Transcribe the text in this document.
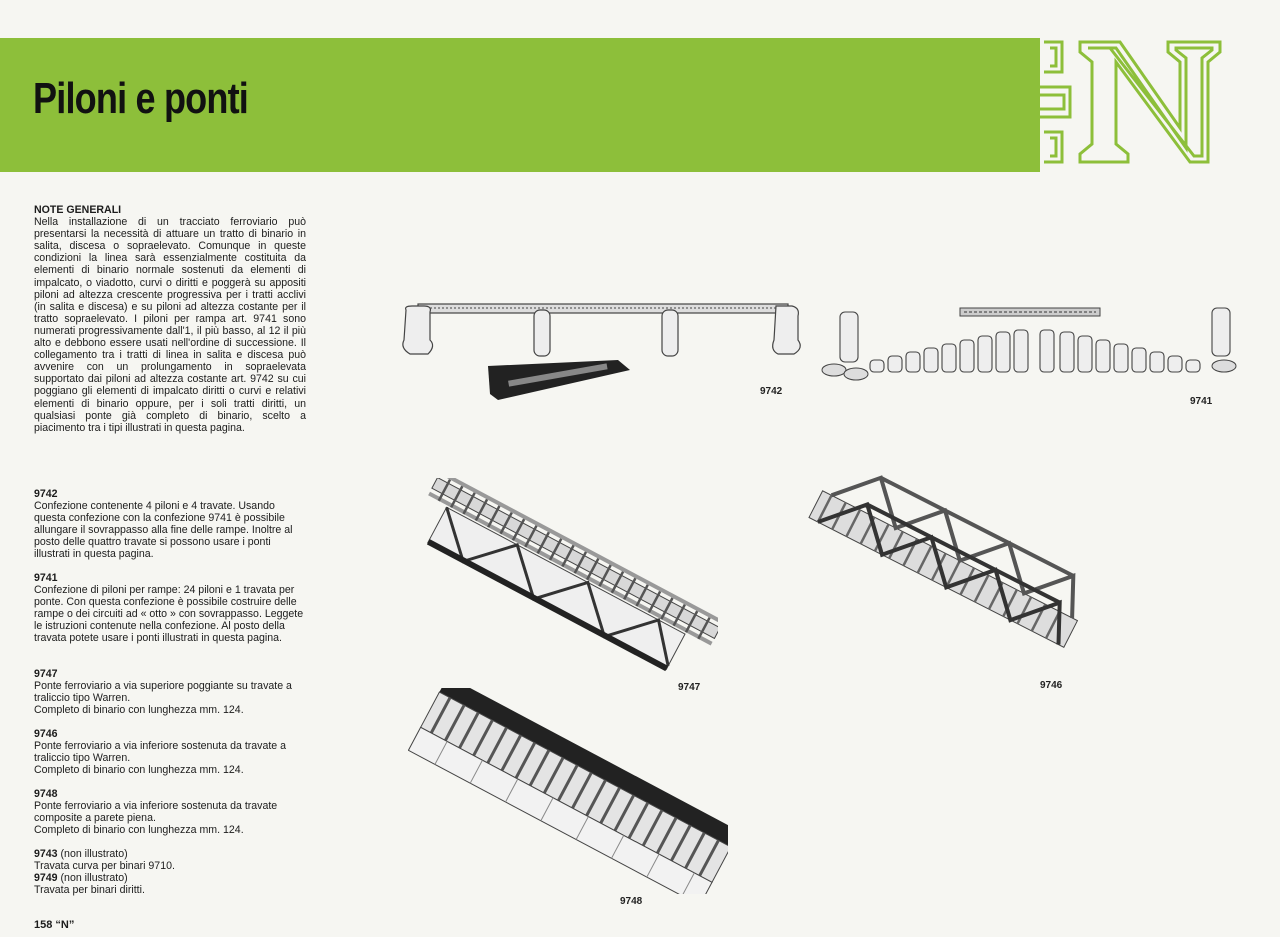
Piloni e ponti

NOTE GENERALI

Nella installazione di un tracciato ferroviario può presentarsi la necessità di attuare un tratto di binario in salita, discesa o sopraelevato. Comunque in queste condizioni la linea sarà essenzialmente costituita da elementi di binario normale sostenuti da elementi di impalcato, o viadotto, curvi o diritti e poggerà su appositi piloni ad altezza crescente progressiva per i tratti acclivi (in salita e discesa) e su piloni ad altezza costante per il tratto sopraelevato. I piloni per rampa art. 9741 sono numerati progressivamente dall'1, il più basso, al 12 il più alto e debbono essere usati nell'ordine di successione. Il collegamento tra i tratti di linea in salita e discesa può avvenire con un prolungamento in sopraelevata supportato dai piloni ad altezza costante art. 9742 su cui poggiano gli elementi di impalcato diritti o curvi e relativi elementi di binario oppure, per i soli tratti diritti, un qualsiasi ponte già completo di binario, scelto a piacimento tra i tipi illustrati in questa pagina.

9742
Confezione contenente 4 piloni e 4 travate. Usando questa confezione con la confezione 9741 è possibile allungare il sovrappasso alla fine delle rampe. Inoltre al posto delle quattro travate si possono usare i ponti illustrati in questa pagina.
9741
Confezione di piloni per rampe: 24 piloni e 1 travata per ponte. Con questa confezione è possibile costruire delle rampe o dei circuiti ad « otto » con sovrappasso. Leggete le istruzioni contenute nella confezione. Al posto della travata potete usare i ponti illustrati in questa pagina.
9747
Ponte ferroviario a via superiore poggiante su travate a traliccio tipo Warren.
Completo di binario con lunghezza mm. 124.
9746
Ponte ferroviario a via inferiore sostenuta da travate a traliccio tipo Warren.
Completo di binario con lunghezza mm. 124.
9748
Ponte ferroviario a via inferiore sostenuta da travate composite a parete piena.
Completo di binario con lunghezza mm. 124.
9743 (non illustrato)
Travata curva per binari 9710.
9749 (non illustrato)
Travata per binari diritti.
158 “N”
9742
9741
9747	9746
9748
